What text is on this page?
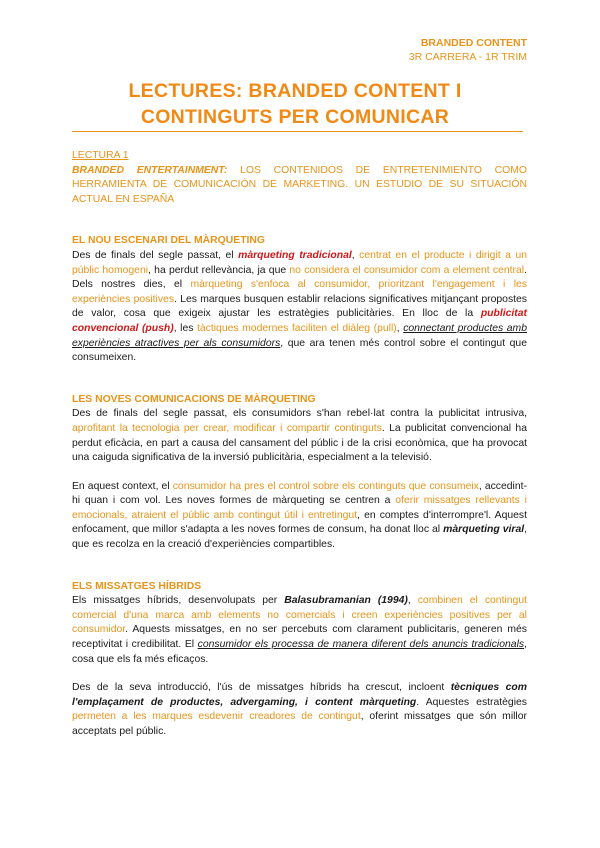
BRANDED CONTENT
3R CARRERA - 1R TRIM
LECTURES: BRANDED CONTENT I
CONTINGUTS PER COMUNICAR
LECTURA 1
BRANDED ENTERTAINMENT: LOS CONTENIDOS DE ENTRETENIMIENTO COMO HERRAMIENTA DE COMUNICACIÓN DE MARKETING. UN ESTUDIO DE SU SITUACIÓN ACTUAL EN ESPAÑA
EL NOU ESCENARI DEL MÀRQUETING

Des de finals del segle passat, el màrqueting tradicional, centrat en el producte i dirigit a un públic homogeni, ha perdut rellevància, ja que no considera el consumidor com a element central. Dels nostres dies, el màrqueting s'enfoca al consumidor, prioritzant l'engagement i les experiències positives. Les marques busquen establir relacions significatives mitjançant propostes de valor, cosa que exigeix ajustar les estratègies publicitàries. En lloc de la publicitat convencional (push), les tàctiques modernes faciliten el diàleg (pull), connectant productes amb experiències atractives per als consumidors, que ara tenen més control sobre el contingut que consumeixen.

LES NOVES COMUNICACIONS DE MÀRQUETING

Des de finals del segle passat, els consumidors s'han rebel·lat contra la publicitat intrusiva, aprofitant la tecnologia per crear, modificar i compartir continguts. La publicitat convencional ha perdut eficàcia, en part a causa del cansament del públic i de la crisi econòmica, que ha provocat una caiguda significativa de la inversió publicitària, especialment a la televisió.

En aquest context, el consumidor ha pres el control sobre els continguts que consumeix, accedint-hi quan i com vol. Les noves formes de màrqueting se centren a oferir missatges rellevants i emocionals, atraient el públic amb contingut útil i entretingut, en comptes d'interrompre'l. Aquest enfocament, que millor s'adapta a les noves formes de consum, ha donat lloc al màrqueting viral, que es recolza en la creació d'experiències compartibles.

ELS MISSATGES HÍBRIDS

Els missatges híbrids, desenvolupats per Balasubramanian (1994), combinen el contingut comercial d'una marca amb elements no comercials i creen experiències positives per al consumidor. Aquests missatges, en no ser percebuts com clarament publicitaris, generen més receptivitat i credibilitat. El consumidor els processa de manera diferent dels anuncis tradicionals, cosa que els fa més eficaços.

Des de la seva introducció, l'ús de missatges híbrids ha crescut, incloent tècniques com l'emplaçament de productes, advergaming, i content màrqueting. Aquestes estratègies permeten a les marques esdevenir creadores de contingut, oferint missatges que són millor acceptats pel públic.
